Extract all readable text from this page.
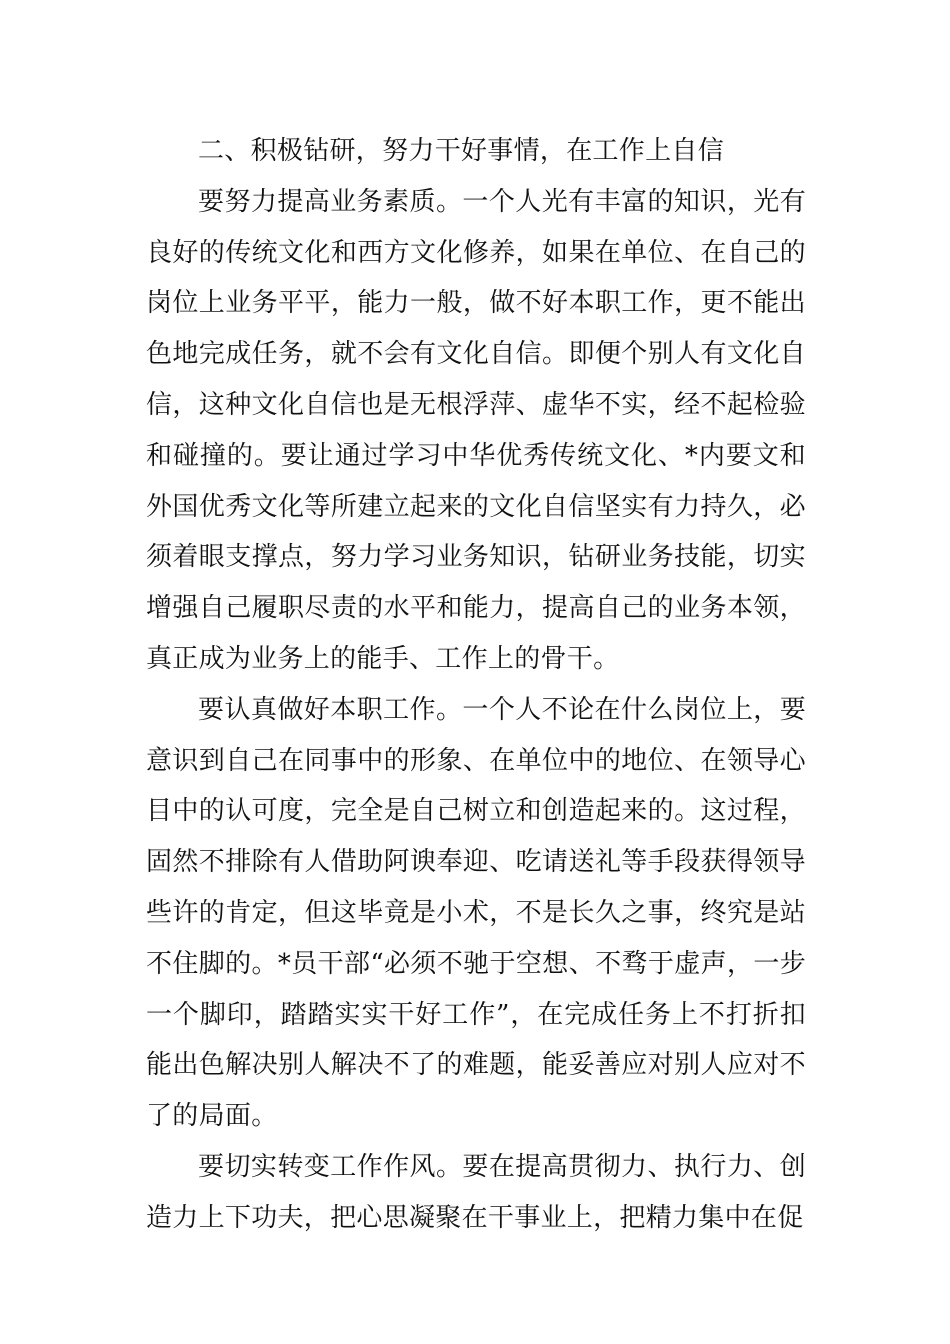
二、积极钻研，努力干好事情，在工作上自信

要努力提高业务素质。一个人光有丰富的知识，光有良好的传统文化和西方文化修养，如果在单位、在自己的岗位上业务平平，能力一般，做不好本职工作，更不能出色地完成任务，就不会有文化自信。即便个别人有文化自信，这种文化自信也是无根浮萍、虚华不实，经不起检验和碰撞的。要让通过学习中华优秀传统文化、*内要文和外国优秀文化等所建立起来的文化自信坚实有力持久，必须着眼支撑点，努力学习业务知识，钻研业务技能，切实增强自己履职尽责的水平和能力，提高自己的业务本领，真正成为业务上的能手、工作上的骨干。

要认真做好本职工作。一个人不论在什么岗位上，要意识到自己在同事中的形象、在单位中的地位、在领导心目中的认可度，完全是自己树立和创造起来的。这过程，固然不排除有人借助阿谀奉迎、吃请送礼等手段获得领导些许的肯定，但这毕竟是小术，不是长久之事，终究是站不住脚的。*员干部“必须不驰于空想、不骛于虚声，一步一个脚印，踏踏实实干好工作”，在完成任务上不打折扣能出色解决别人解决不了的难题，能妥善应对别人应对不了的局面。

要切实转变工作作风。要在提高贯彻力、执行力、创造力上下功夫，把心思凝聚在干事业上，把精力集中在促
